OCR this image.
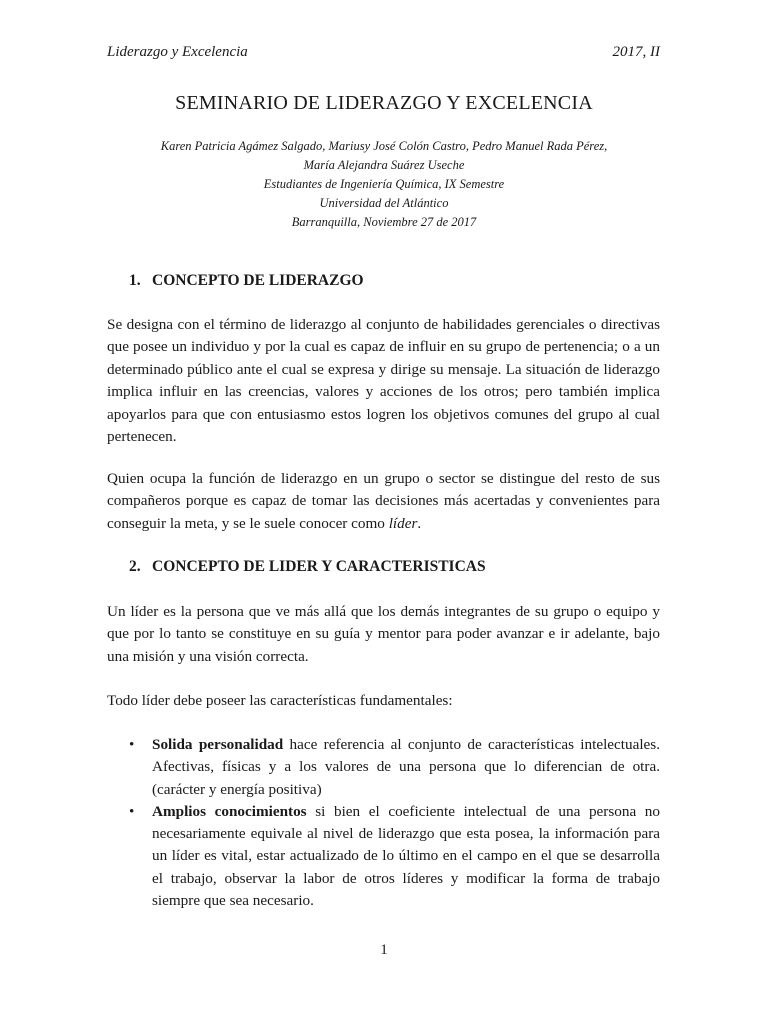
Liderazgo y Excelencia	2017, II
SEMINARIO DE LIDERAZGO Y EXCELENCIA
Karen Patricia Agámez Salgado, Mariusy José Colón Castro, Pedro Manuel Rada Pérez,
María Alejandra Suárez Useche
Estudiantes de Ingeniería Química, IX Semestre
Universidad del Atlántico
Barranquilla, Noviembre 27 de 2017
1. CONCEPTO DE LIDERAZGO

Se designa con el término de liderazgo al conjunto de habilidades gerenciales o directivas que posee un individuo y por la cual es capaz de influir en su grupo de pertenencia; o a un determinado público ante el cual se expresa y dirige su mensaje. La situación de liderazgo implica influir en las creencias, valores y acciones de los otros; pero también implica apoyarlos para que con entusiasmo estos logren los objetivos comunes del grupo al cual pertenecen.

Quien ocupa la función de liderazgo en un grupo o sector se distingue del resto de sus compañeros porque es capaz de tomar las decisiones más acertadas y convenientes para conseguir la meta, y se le suele conocer como líder.

2. CONCEPTO DE LIDER Y CARACTERISTICAS

Un líder es la persona que ve más allá que los demás integrantes de su grupo o equipo y que por lo tanto se constituye en su guía y mentor para poder avanzar e ir adelante, bajo una misión y una visión correcta.

Todo líder debe poseer las características fundamentales:

• Solida personalidad hace referencia al conjunto de características intelectuales. Afectivas, físicas y a los valores de una persona que lo diferencian de otra. (carácter y energía positiva)
• Amplios conocimientos si bien el coeficiente intelectual de una persona no necesariamente equivale al nivel de liderazgo que esta posea, la información para un líder es vital, estar actualizado de lo último en el campo en el que se desarrolla el trabajo, observar la labor de otros líderes y modificar la forma de trabajo siempre que sea necesario.
1
